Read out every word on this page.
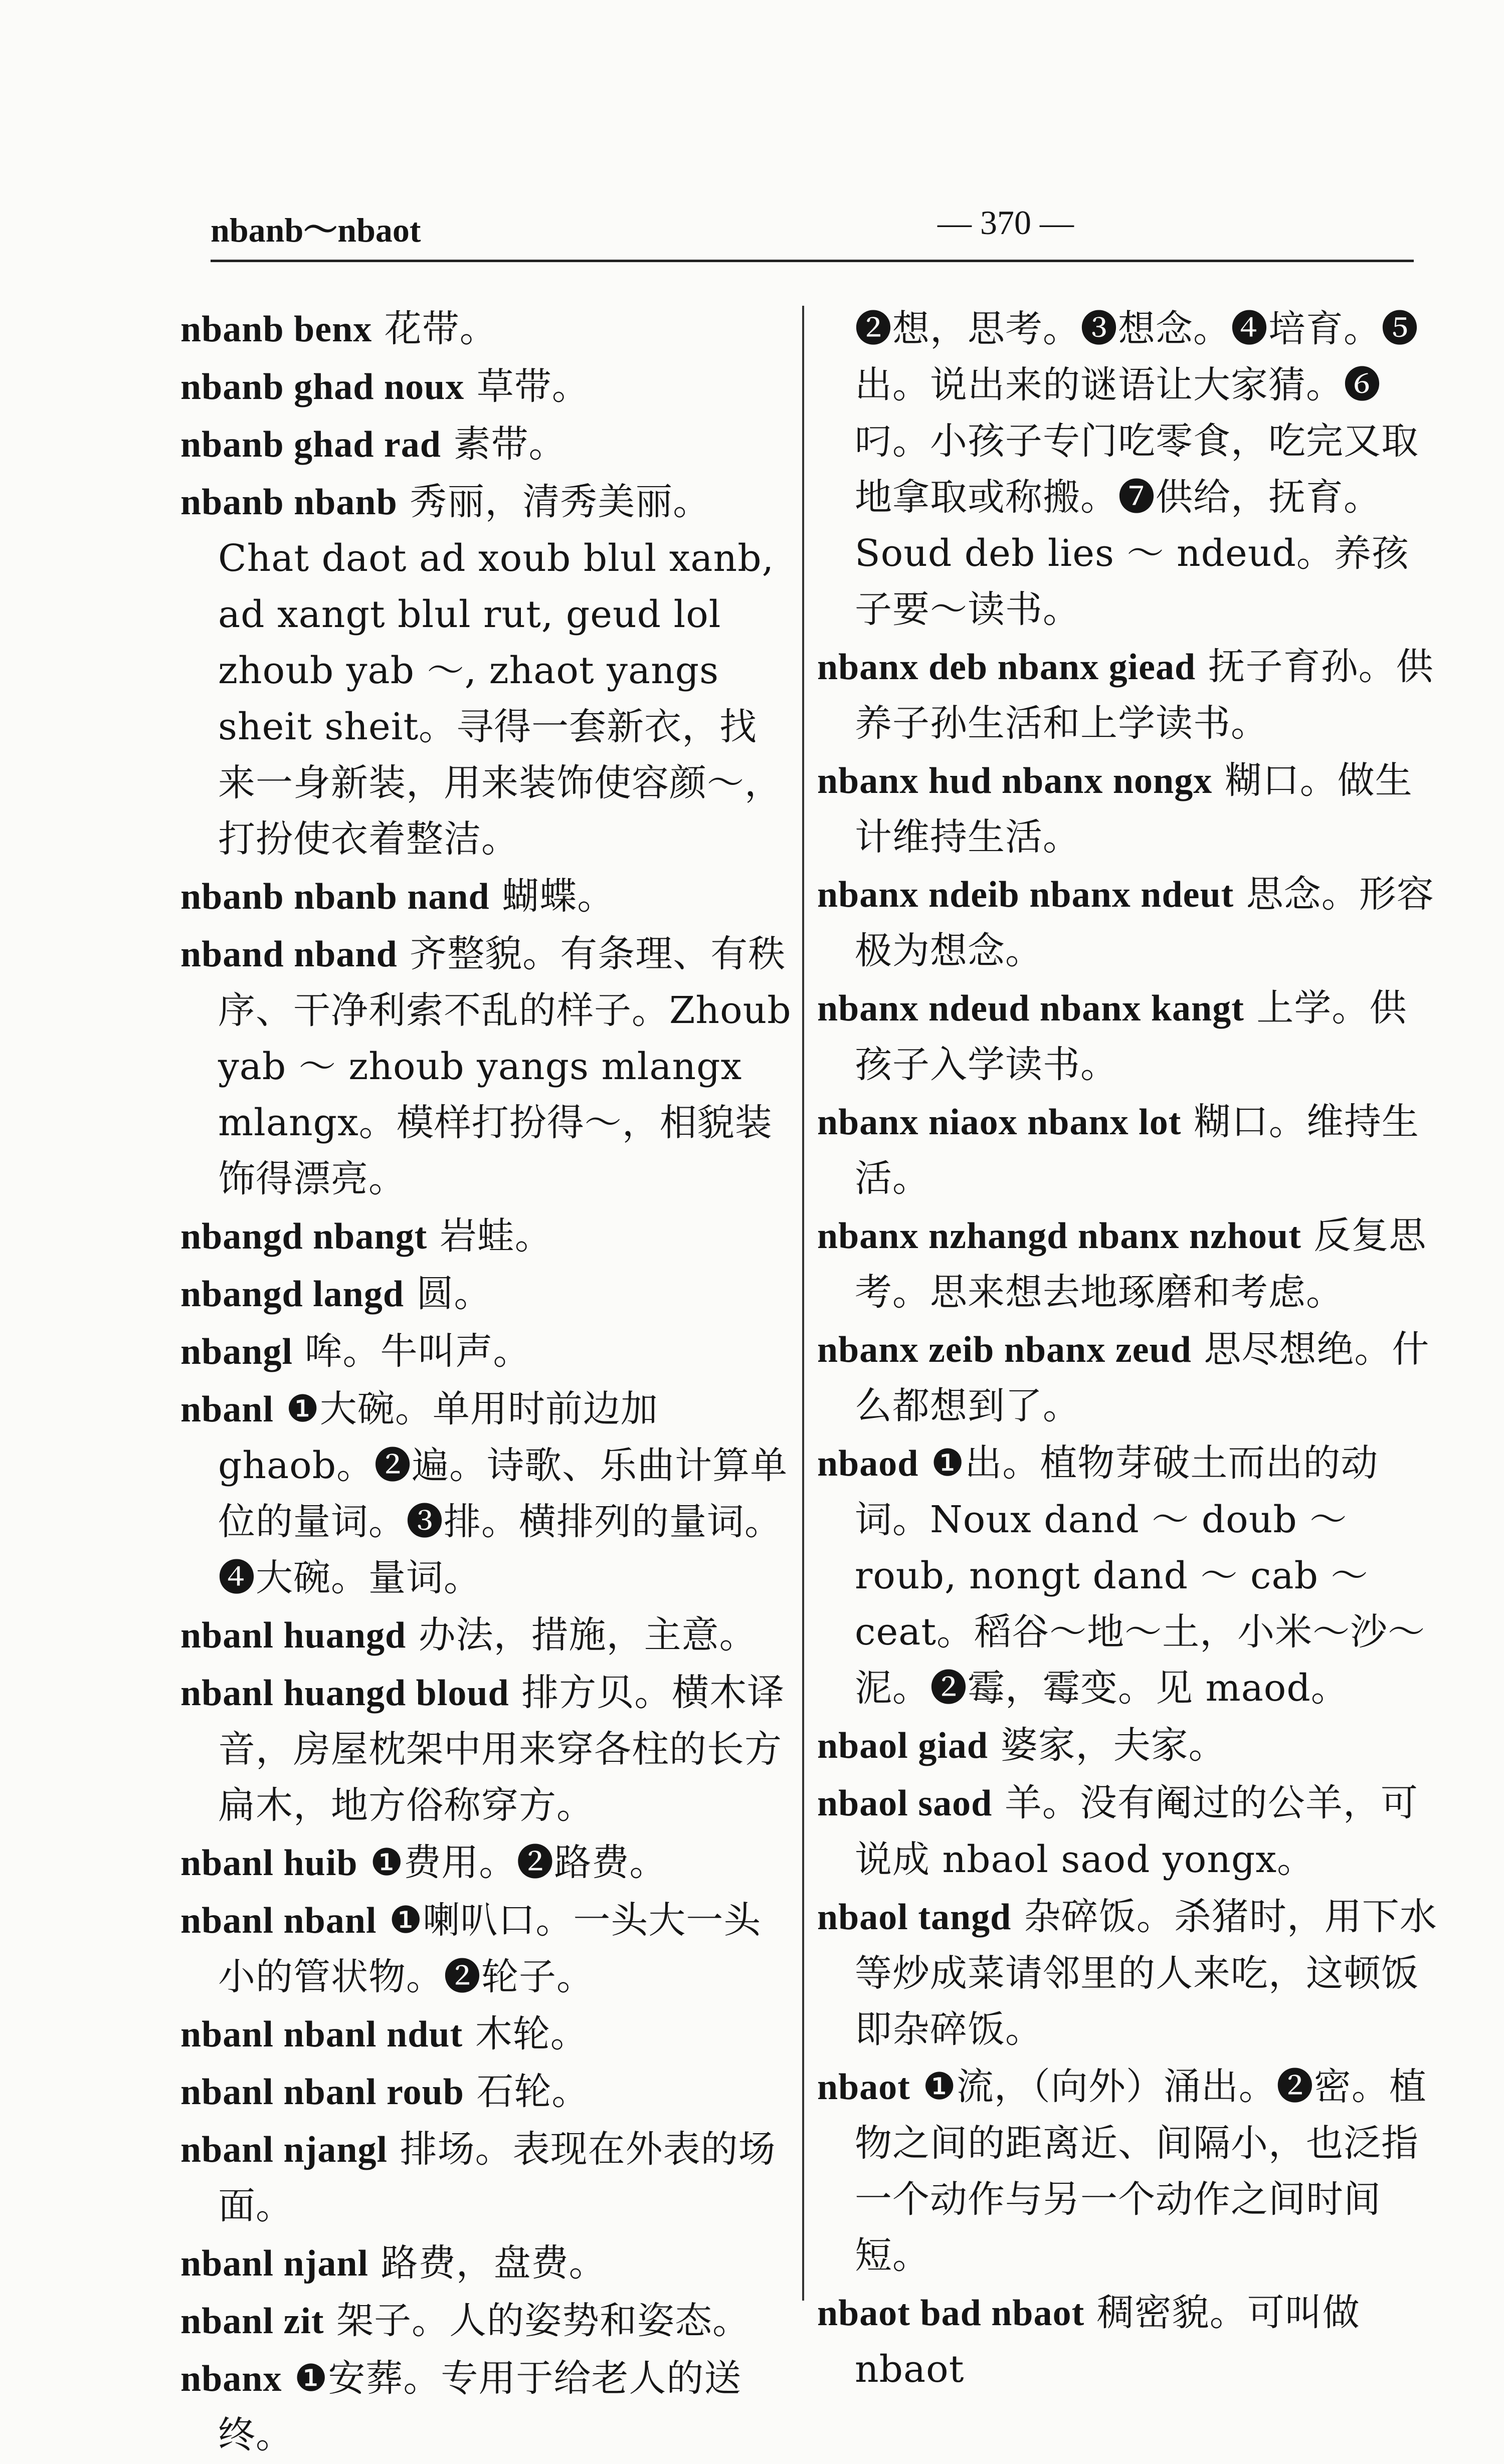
nbanb～nbaot	— 370 —

nbanb benx 花带。

nbanb ghad noux 草带。

nbanb ghad rad 素带。

nbanb nbanb 秀丽，清秀美丽。Chat daot ad xoub blul xanb, ad xangt blul rut, geud lol zhoub yab ～, zhaot yangs sheit sheit。寻得一套新衣，找来一身新装，用来装饰使容颜～，打扮使衣着整洁。

nbanb nbanb nand 蝴蝶。

nband nband 齐整貌。有条理、有秩序、干净利索不乱的样子。Zhoub yab ～ zhoub yangs mlangx mlangx。模样打扮得～，相貌装饰得漂亮。

nbangd nbangt 岩蛙。

nbangd langd 圆。

nbangl 哞。牛叫声。

nbanl ❶大碗。单用时前边加 ghaob。❷遍。诗歌、乐曲计算单位的量词。❸排。横排列的量词。❹大碗。量词。

nbanl huangd 办法，措施，主意。

nbanl huangd bloud 排方贝。横木译音，房屋枕架中用来穿各柱的长方扁木，地方俗称穿方。

nbanl huib ❶费用。❷路费。

nbanl nbanl ❶喇叭口。一头大一头小的管状物。❷轮子。

nbanl nbanl ndut 木轮。

nbanl nbanl roub 石轮。

nbanl njangl 排场。表现在外表的场面。

nbanl njanl 路费，盘费。

nbanl zit 架子。人的姿势和姿态。

nbanx ❶安葬。专用于给老人的送终。

❷想，思考。❸想念。❹培育。❺出。说出来的谜语让大家猜。❻叼。小孩子专门吃零食，吃完又取地拿取或称搬。❼供给，抚育。Soud deb lies ～ ndeud。养孩子要～读书。

nbanx deb nbanx giead 抚子育孙。供养子孙生活和上学读书。

nbanx hud nbanx nongx 糊口。做生计维持生活。

nbanx ndeib nbanx ndeut 思念。形容极为想念。

nbanx ndeud nbanx kangt 上学。供孩子入学读书。

nbanx niaox nbanx lot 糊口。维持生活。

nbanx nzhangd nbanx nzhout 反复思考。思来想去地琢磨和考虑。

nbanx zeib nbanx zeud 思尽想绝。什么都想到了。

nbaod ❶出。植物芽破土而出的动词。Noux dand ～ doub ～ roub, nongt dand ～ cab ～ ceat。稻谷～地～土，小米～沙～泥。❷霉，霉变。见 maod。

nbaol giad 婆家，夫家。

nbaol saod 羊。没有阉过的公羊，可说成 nbaol saod yongx。

nbaol tangd 杂碎饭。杀猪时，用下水等炒成菜请邻里的人来吃，这顿饭即杂碎饭。

nbaot ❶流，（向外）涌出。❷密。植物之间的距离近、间隔小，也泛指一个动作与另一个动作之间时间短。

nbaot bad nbaot 稠密貌。可叫做 nbaot
